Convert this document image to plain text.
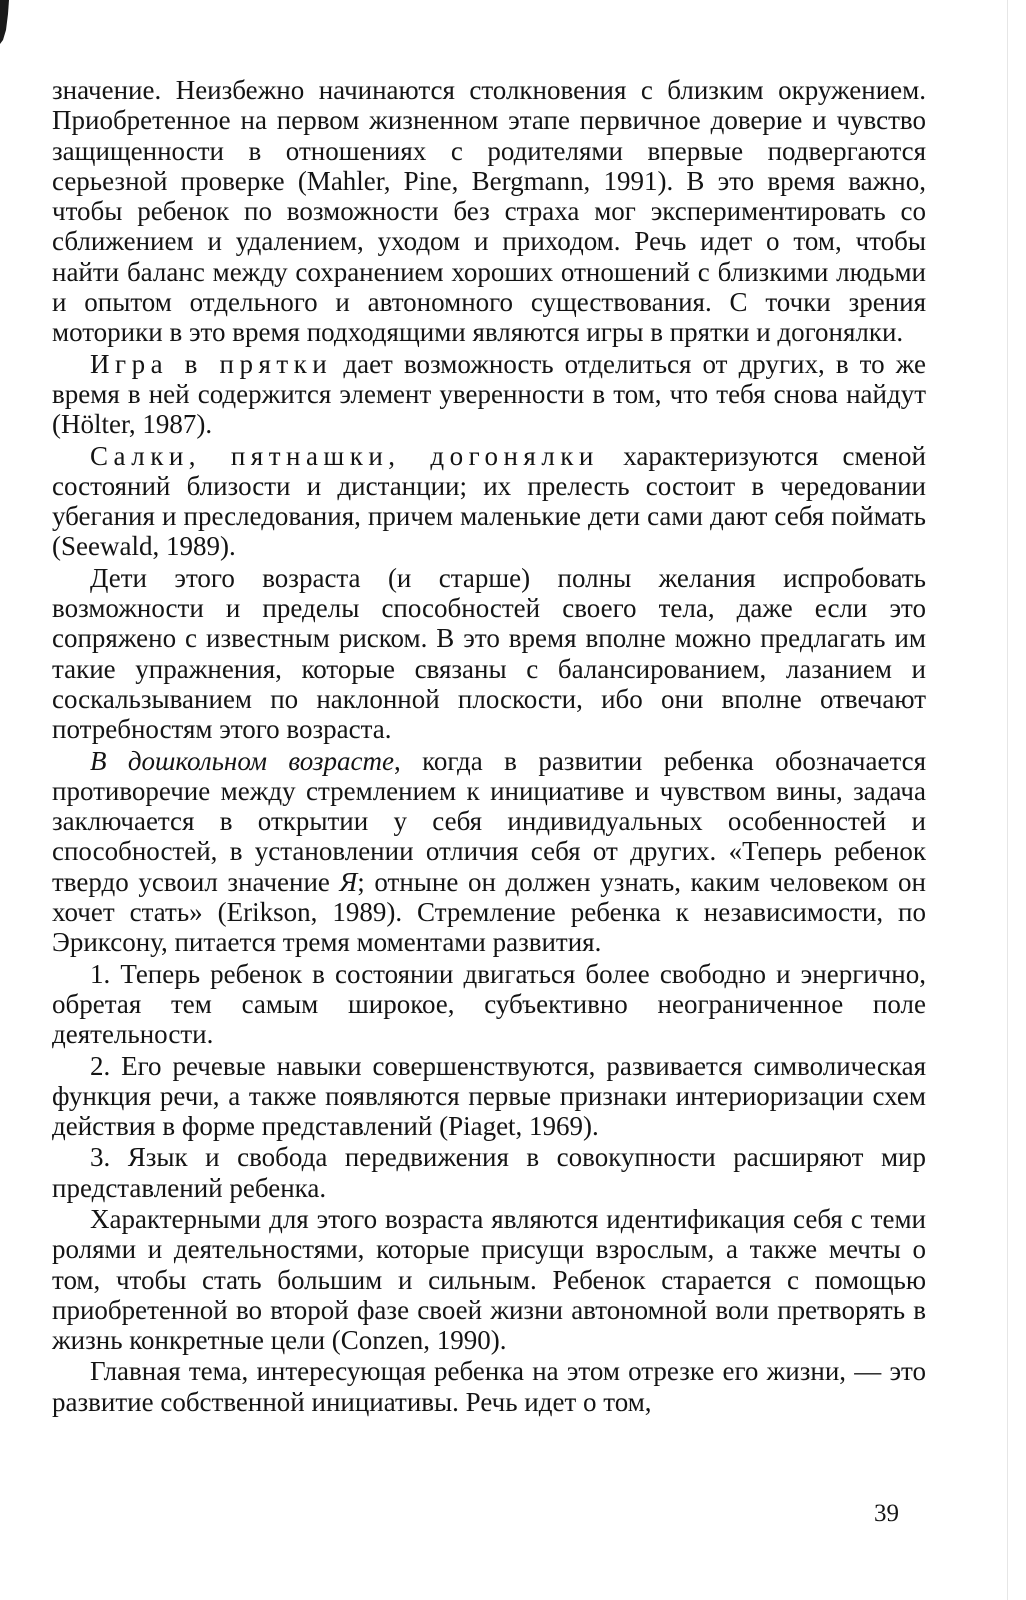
значение. Неизбежно начинаются столкновения с близким окружением. Приобретенное на первом жизненном этапе первичное доверие и чувство защищенности в отношениях с родителями впервые подвергаются серьезной проверке (Mahler, Pine, Bergmann, 1991). В это время важно, чтобы ребенок по возможности без страха мог экспериментировать со сближением и удалением, уходом и приходом. Речь идет о том, чтобы найти баланс между сохранением хороших отношений с близкими людьми и опытом отдельного и автономного существования. С точки зрения моторики в это время подходящими являются игры в прятки и догонялки.

Игра в прятки дает возможность отделиться от других, в то же время в ней содержится элемент уверенности в том, что тебя снова найдут (Hölter, 1987).

Салки, пятнашки, догонялки характеризуются сменой состояний близости и дистанции; их прелесть состоит в чередовании убегания и преследования, причем маленькие дети сами дают себя поймать (Seewald, 1989).

Дети этого возраста (и старше) полны желания испробовать возможности и пределы способностей своего тела, даже если это сопряжено с известным риском. В это время вполне можно предлагать им такие упражнения, которые связаны с балансированием, лазанием и соскальзыванием по наклонной плоскости, ибо они вполне отвечают потребностям этого возраста.

В дошкольном возрасте, когда в развитии ребенка обозначается противоречие между стремлением к инициативе и чувством вины, задача заключается в открытии у себя индивидуальных особенностей и способностей, в установлении отличия себя от других. «Теперь ребенок твердо усвоил значение Я; отныне он должен узнать, каким человеком он хочет стать» (Erikson, 1989). Стремление ребенка к независимости, по Эриксону, питается тремя моментами развития.

1. Теперь ребенок в состоянии двигаться более свободно и энергично, обретая тем самым широкое, субъективно неограниченное поле деятельности.

2. Его речевые навыки совершенствуются, развивается символическая функция речи, а также появляются первые признаки интериоризации схем действия в форме представлений (Piaget, 1969).

3. Язык и свобода передвижения в совокупности расширяют мир представлений ребенка.

Характерными для этого возраста являются идентификация себя с теми ролями и деятельностями, которые присущи взрослым, а также мечты о том, чтобы стать большим и сильным. Ребенок старается с помощью приобретенной во второй фазе своей жизни автономной воли претворять в жизнь конкретные цели (Conzen, 1990).

Главная тема, интересующая ребенка на этом отрезке его жизни, — это развитие собственной инициативы. Речь идет о том,

39
